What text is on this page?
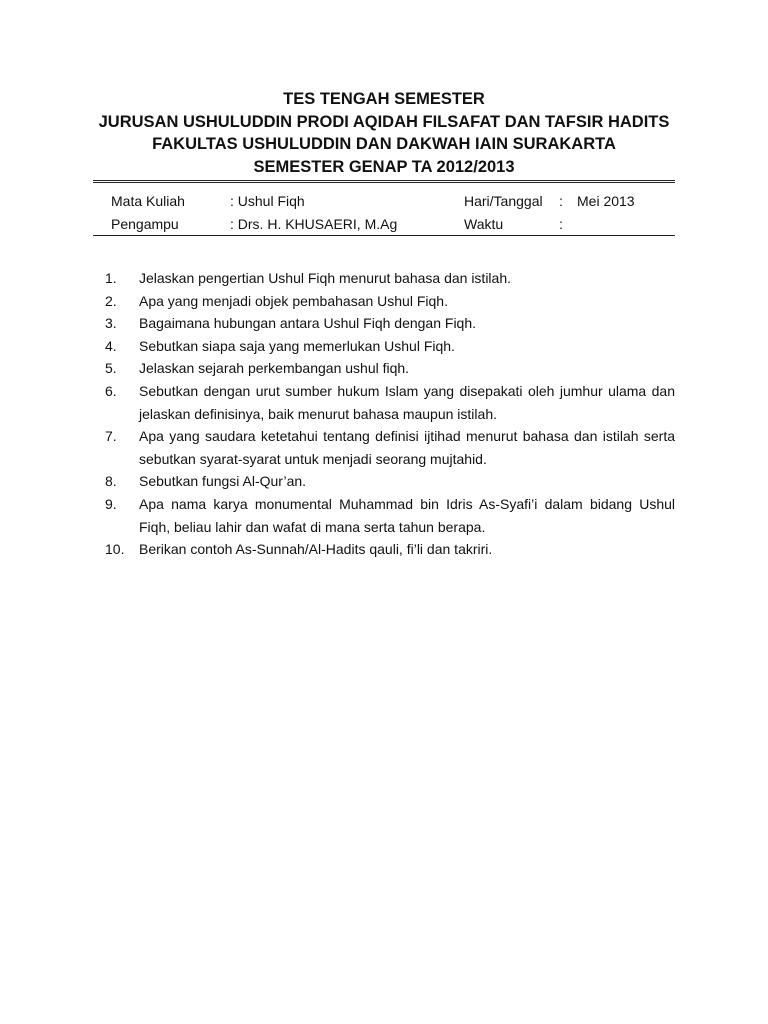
TES TENGAH SEMESTER
JURUSAN USHULUDDIN PRODI AQIDAH FILSAFAT DAN TAFSIR HADITS
FAKULTAS USHULUDDIN DAN DAKWAH IAIN SURAKARTA
SEMESTER GENAP TA 2012/2013
Mata Kuliah	: Ushul Fiqh	Hari/Tanggal : Mei 2013
Pengampu	: Drs. H. KHUSAERI, M.Ag	Waktu	:
1.	Jelaskan pengertian Ushul Fiqh menurut bahasa dan istilah.
2.	Apa yang menjadi objek pembahasan Ushul Fiqh.
3.	Bagaimana hubungan antara Ushul Fiqh dengan Fiqh.
4.	Sebutkan siapa saja yang memerlukan Ushul Fiqh.
5.	Jelaskan sejarah perkembangan ushul fiqh.
6.	Sebutkan dengan urut sumber hukum Islam yang disepakati oleh jumhur ulama dan jelaskan definisinya, baik menurut bahasa maupun istilah.
7.	Apa yang saudara ketetahui tentang definisi ijtihad menurut bahasa dan istilah serta sebutkan syarat-syarat untuk menjadi seorang mujtahid.
8.	Sebutkan fungsi Al-Qur’an.
9.	Apa nama karya monumental Muhammad bin Idris As-Syafi’i dalam bidang Ushul Fiqh, beliau lahir dan wafat di mana serta tahun berapa.
10.	Berikan contoh As-Sunnah/Al-Hadits qauli, fi’li dan takriri.
